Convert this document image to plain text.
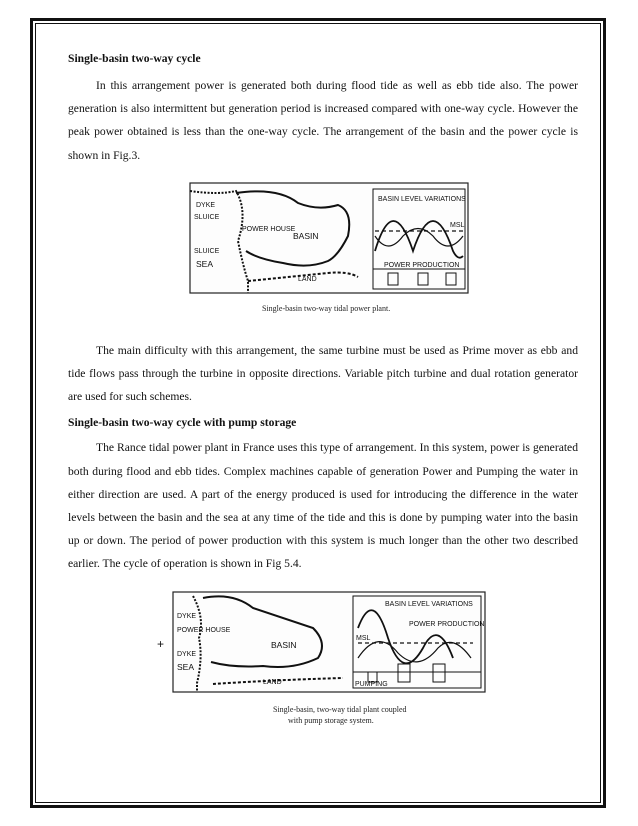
Single-basin two-way cycle

In this arrangement power is generated both during flood tide as well as ebb tide also. The power generation is also intermittent but generation period is increased compared with one-way cycle. However the peak power obtained is less than the one-way cycle. The arrangement of the basin and the power cycle is shown in Fig.3.

DYKE
SLUICE
POWER HOUSE
BASIN
SLUICE
SEA
LAND
BASIN LEVEL VARIATIONS
MSL
POWER PRODUCTION
Single-basin two-way tidal power plant.

The main difficulty with this arrangement, the same turbine must be used as Prime mover as ebb and tide flows pass through the turbine in opposite directions. Variable pitch turbine and dual rotation generator are used for such schemes.

Single-basin two-way cycle with pump storage

The Rance tidal power plant in France uses this type of arrangement. In this system, power is generated both during flood and ebb tides. Complex machines capable of generation Power and Pumping the water in either direction are used. A part of the energy produced is used for introducing the difference in the water levels between the basin and the sea at any time of the tide and this is done by pumping water into the basin up or down. The period of power production with this system is much longer than the other two described earlier. The cycle of operation is shown in Fig 5.4.

+
DYKE
POWER HOUSE
BASIN
DYKE
SEA
LAND
BASIN LEVEL VARIATIONS
POWER PRODUCTION
MSL
PUMPING
Single-basin, two-way tidal plant coupled
with pump storage system.
